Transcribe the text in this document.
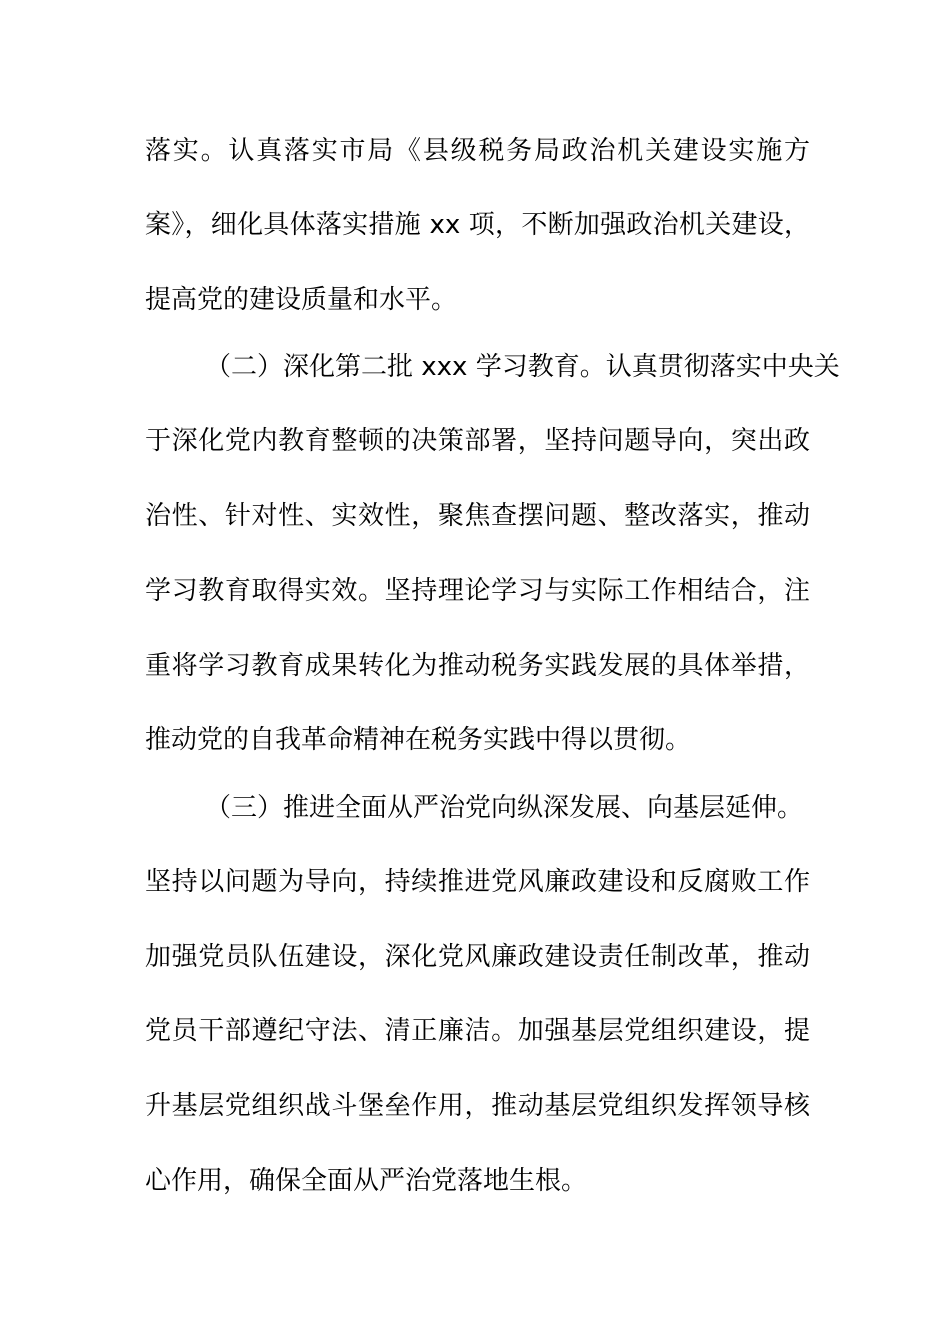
落实。认真落实市局《县级税务局政治机关建设实施方
案》，细化具体落实措施 xx 项，不断加强政治机关建设，
提高党的建设质量和水平。
（二）深化第二批 xxx 学习教育。认真贯彻落实中央关
于深化党内教育整顿的决策部署，坚持问题导向，突出政
治性、针对性、实效性，聚焦查摆问题、整改落实，推动
学习教育取得实效。坚持理论学习与实际工作相结合，注
重将学习教育成果转化为推动税务实践发展的具体举措，
推动党的自我革命精神在税务实践中得以贯彻。
（三）推进全面从严治党向纵深发展、向基层延伸。
坚持以问题为导向，持续推进党风廉政建设和反腐败工作
加强党员队伍建设，深化党风廉政建设责任制改革，推动
党员干部遵纪守法、清正廉洁。加强基层党组织建设，提
升基层党组织战斗堡垒作用，推动基层党组织发挥领导核
心作用，确保全面从严治党落地生根。
